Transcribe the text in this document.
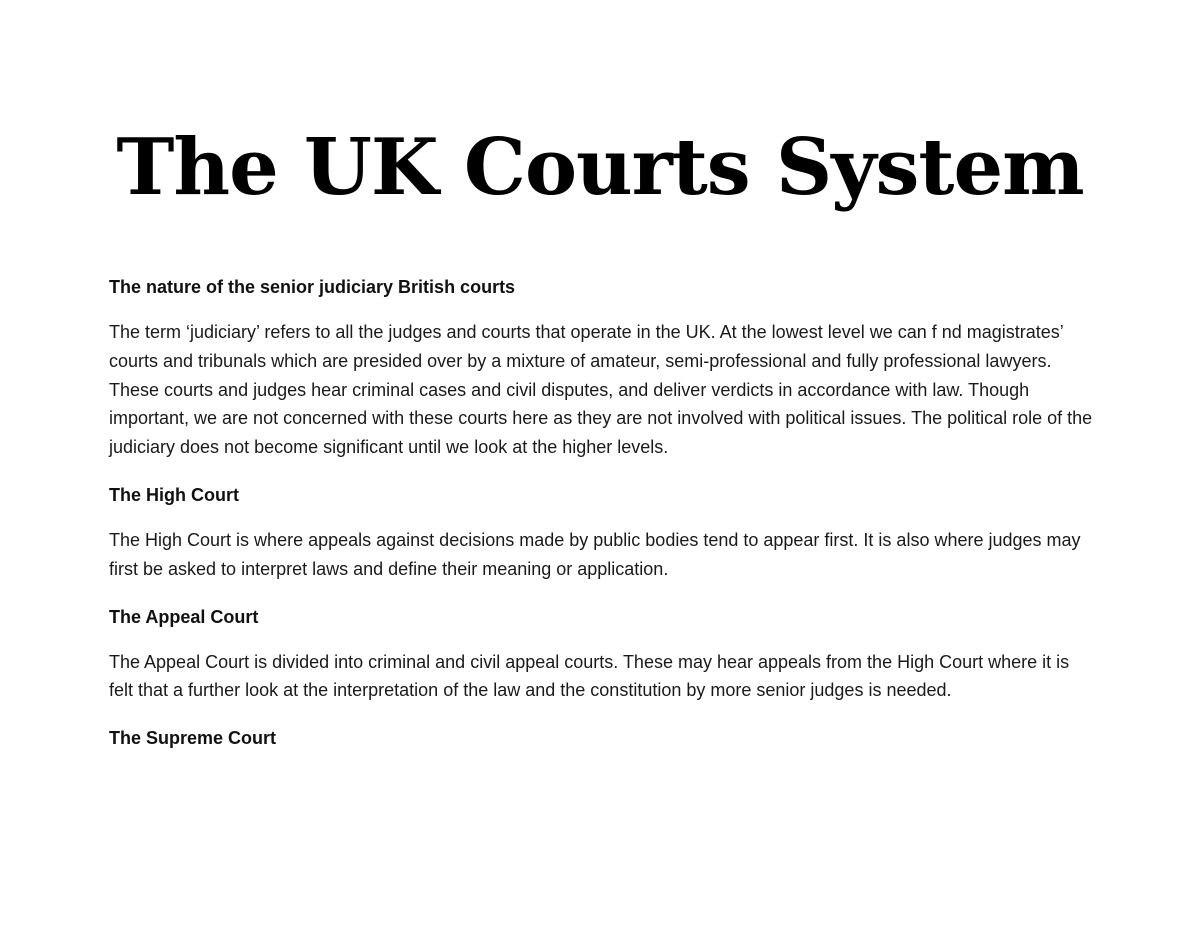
The UK Courts System
The nature of the senior judiciary British courts

The term ‘judiciary’ refers to all the judges and courts that operate in the UK. At the lowest level we can f nd magistrates’ courts and tribunals which are presided over by a mixture of amateur, semi-professional and fully professional lawyers. These courts and judges hear criminal cases and civil disputes, and deliver verdicts in accordance with law. Though important, we are not concerned with these courts here as they are not involved with political issues. The political role of the judiciary does not become significant until we look at the higher levels.

The High Court

The High Court is where appeals against decisions made by public bodies tend to appear first. It is also where judges may first be asked to interpret laws and define their meaning or application.

The Appeal Court

The Appeal Court is divided into criminal and civil appeal courts. These may hear appeals from the High Court where it is felt that a further look at the interpretation of the law and the constitution by more senior judges is needed.

The Supreme Court
